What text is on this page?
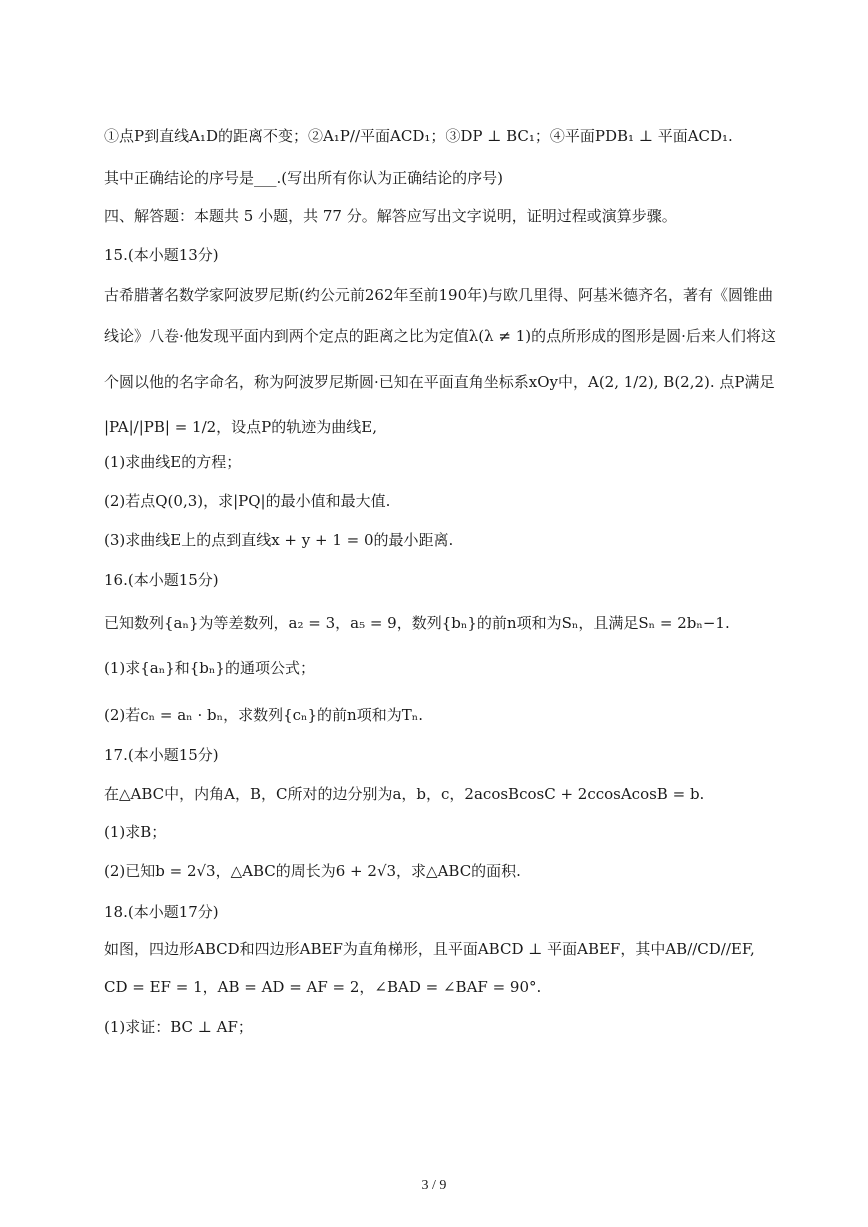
①点P到直线A₁D的距离不变；②A₁P//平面ACD₁；③DP ⊥ BC₁；④平面PDB₁ ⊥ 平面ACD₁.
其中正确结论的序号是___.(写出所有你认为正确结论的序号)
四、解答题：本题共 5 小题，共 77 分。解答应写出文字说明，证明过程或演算步骤。
15.(本小题13分)
古希腊著名数学家阿波罗尼斯(约公元前262年至前190年)与欧几里得、阿基米德齐名，著有《圆锥曲
线论》八卷·他发现平面内到两个定点的距离之比为定值λ(λ ≠ 1)的点所形成的图形是圆·后来人们将这
个圆以他的名字命名，称为阿波罗尼斯圆·已知在平面直角坐标系xOy中，A(2, 1/2), B(2,2). 点P满足
|PA|/|PB| = 1/2，设点P的轨迹为曲线E,
(1)求曲线E的方程；
(2)若点Q(0,3)，求|PQ|的最小值和最大值.
(3)求曲线E上的点到直线x + y + 1 = 0的最小距离.
16.(本小题15分)
已知数列{aₙ}为等差数列，a₂ = 3，a₅ = 9，数列{bₙ}的前n项和为Sₙ，且满足Sₙ = 2bₙ−1.
(1)求{aₙ}和{bₙ}的通项公式；
(2)若cₙ = aₙ · bₙ，求数列{cₙ}的前n项和为Tₙ.
17.(本小题15分)
在△ABC中，内角A，B，C所对的边分别为a，b，c，2acosBcosC + 2ccosAcosB = b.
(1)求B；
(2)已知b = 2√3，△ABC的周长为6 + 2√3，求△ABC的面积.
18.(本小题17分)
如图，四边形ABCD和四边形ABEF为直角梯形，且平面ABCD ⊥ 平面ABEF，其中AB//CD//EF,
CD = EF = 1，AB = AD = AF = 2，∠BAD = ∠BAF = 90°.
(1)求证：BC ⊥ AF；
3 / 9
